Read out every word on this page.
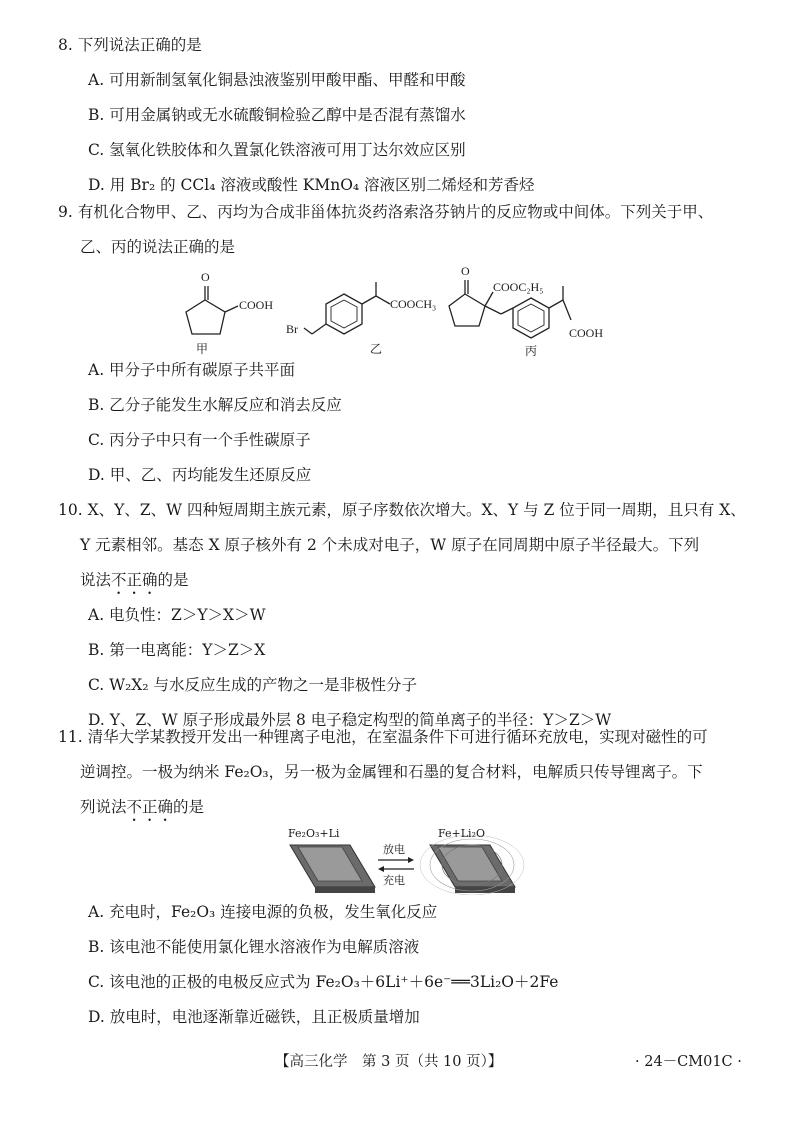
8. 下列说法正确的是
A. 可用新制氢氧化铜悬浊液鉴别甲酸甲酯、甲醛和甲酸
B. 可用金属钠或无水硫酸铜检验乙醇中是否混有蒸馏水
C. 氢氧化铁胶体和久置氯化铁溶液可用丁达尔效应区别
D. 用 Br₂ 的 CCl₄ 溶液或酸性 KMnO₄ 溶液区别二烯烃和芳香烃
9. 有机化合物甲、乙、丙均为合成非甾体抗炎药洛索洛芬钠片的反应物或中间体。下列关于甲、
乙、丙的说法正确的是
O
COOH
甲
Br
COOCH₃
乙
O
COOC₂H₅
COOH
丙
A. 甲分子中所有碳原子共平面
B. 乙分子能发生水解反应和消去反应
C. 丙分子中只有一个手性碳原子
D. 甲、乙、丙均能发生还原反应
10. X、Y、Z、W 四种短周期主族元素，原子序数依次增大。X、Y 与 Z 位于同一周期，且只有 X、
Y 元素相邻。基态 X 原子核外有 2 个未成对电子，W 原子在同周期中原子半径最大。下列
说法不正确的是
A. 电负性：Z＞Y＞X＞W
B. 第一电离能：Y＞Z＞X
C. W₂X₂ 与水反应生成的产物之一是非极性分子
D. Y、Z、W 原子形成最外层 8 电子稳定构型的简单离子的半径：Y＞Z＞W
11. 清华大学某教授开发出一种锂离子电池，在室温条件下可进行循环充放电，实现对磁性的可
逆调控。一极为纳米 Fe₂O₃，另一极为金属锂和石墨的复合材料，电解质只传导锂离子。下
列说法不正确的是
Fe₂O₃+Li	Fe+Li₂O
放电
充电
A. 充电时，Fe₂O₃ 连接电源的负极，发生氧化反应
B. 该电池不能使用氯化锂水溶液作为电解质溶液
C. 该电池的正极的电极反应式为 Fe₂O₃＋6Li⁺＋6e⁻══3Li₂O＋2Fe
D. 放电时，电池逐渐靠近磁铁，且正极质量增加
【高三化学　第 3 页（共 10 页）】	· 24－CM01C ·
